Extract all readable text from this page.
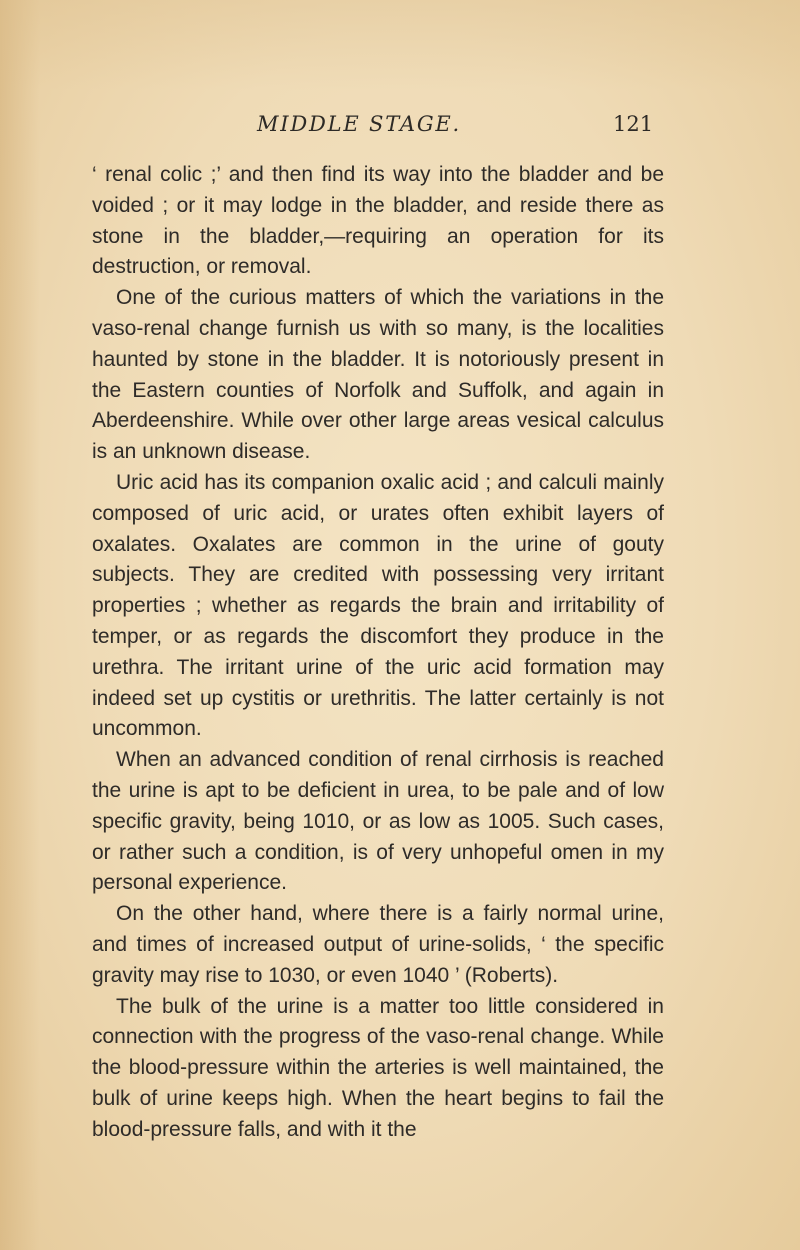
MIDDLE STAGE.	121

‘ renal colic ;’ and then find its way into the bladder and be voided ; or it may lodge in the bladder, and reside there as stone in the bladder,—requiring an operation for its destruction, or removal.

One of the curious matters of which the variations in the vaso-renal change furnish us with so many, is the localities haunted by stone in the bladder. It is notoriously present in the Eastern counties of Norfolk and Suffolk, and again in Aberdeenshire. While over other large areas vesical calculus is an unknown disease.

Uric acid has its companion oxalic acid ; and calculi mainly composed of uric acid, or urates often exhibit layers of oxalates. Oxalates are common in the urine of gouty subjects. They are credited with possessing very irritant properties ; whether as regards the brain and irritability of temper, or as regards the discomfort they produce in the urethra. The irritant urine of the uric acid formation may indeed set up cystitis or urethritis. The latter certainly is not uncommon.

When an advanced condition of renal cirrhosis is reached the urine is apt to be deficient in urea, to be pale and of low specific gravity, being 1010, or as low as 1005. Such cases, or rather such a condition, is of very unhopeful omen in my personal experience.

On the other hand, where there is a fairly normal urine, and times of increased output of urine-solids, ‘ the specific gravity may rise to 1030, or even 1040 ’ (Roberts).

The bulk of the urine is a matter too little considered in connection with the progress of the vaso-renal change. While the blood-pressure within the arteries is well maintained, the bulk of urine keeps high. When the heart begins to fail the blood-pressure falls, and with it the
